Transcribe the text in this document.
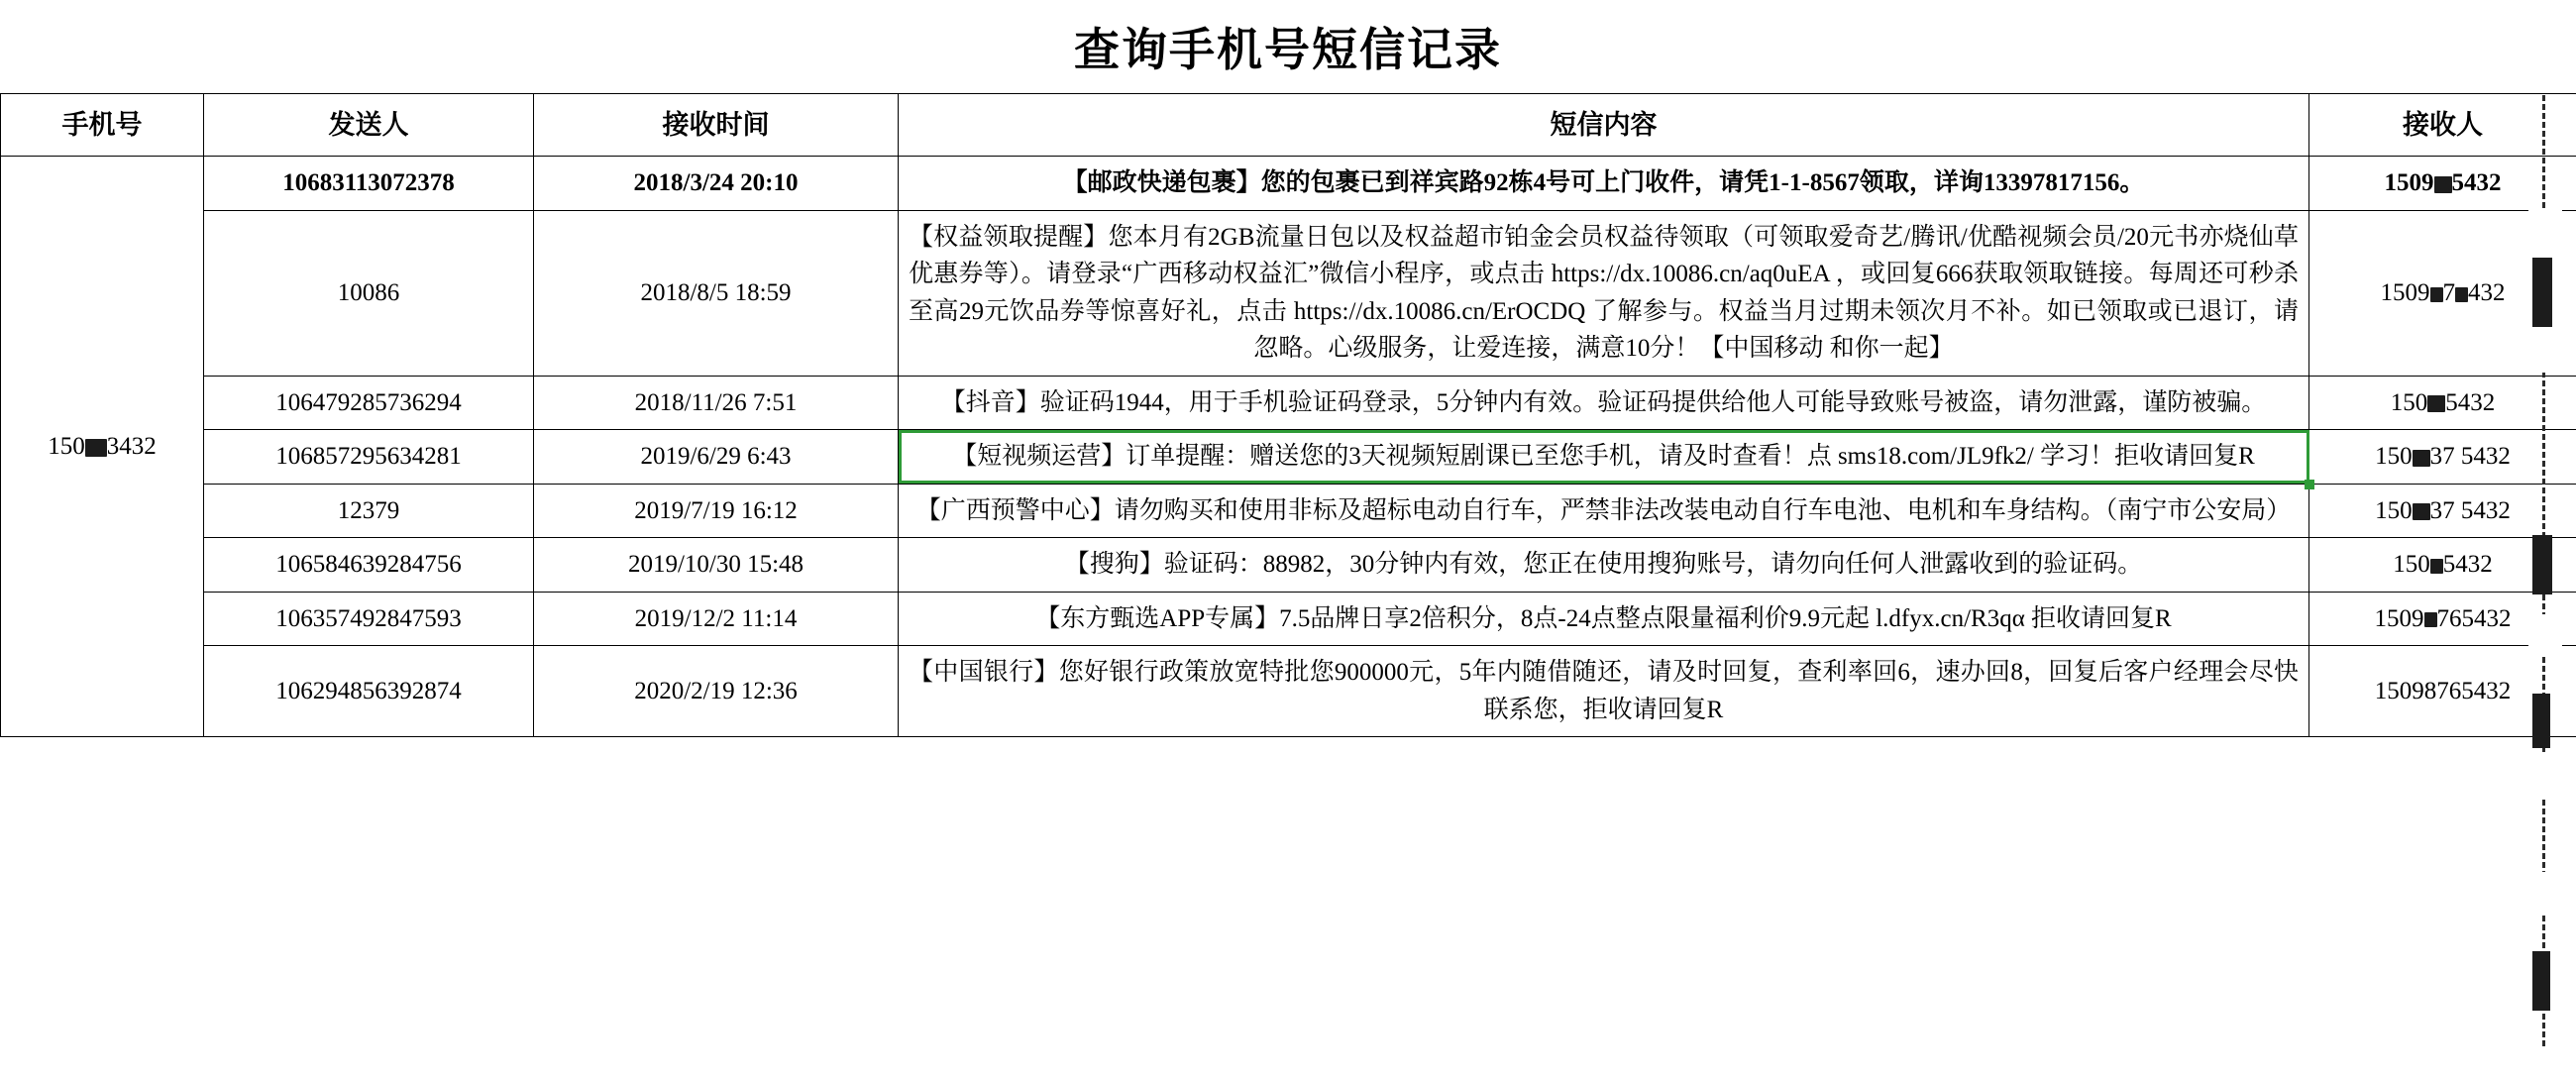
查询手机号短信记录
手机号	发送人	接收时间	短信内容	接收人
150 3432	10683113072378	2018/3/24 20:10	【邮政快递包裹】您的包裹已到祥宾路92栋4号可上门收件，请凭1-1-8567领取，详询13397817156。	1509 5432
	10086	2018/8/5 18:59	【权益领取提醒】您本月有2GB流量日包以及权益超市铂金会员权益待领取（可领取爱奇艺/腾讯/优酷视频会员/20元书亦烧仙草优惠券等）。请登录“广西移动权益汇”微信小程序，或点击 https://dx.10086.cn/aq0uEA ，或回复666获取领取链接。每周还可秒杀至高29元饮品券等惊喜好礼，点击 https://dx.10086.cn/ErOCDQ 了解参与。权益当月过期未领次月不补。如已领取或已退订，请忽略。心级服务，让爱连接，满意10分！【中国移动 和你一起】	1509 7 432
	106479285736294	2018/11/26 7:51	【抖音】验证码1944，用于手机验证码登录，5分钟内有效。验证码提供给他人可能导致账号被盗，请勿泄露，谨防被骗。	150 5432
	106857295634281	2019/6/29 6:43	【短视频运营】订单提醒：赠送您的3天视频短剧课已至您手机，请及时查看！点 sms18.com/JL9fk2/ 学习！拒收请回复R	150 37 5432
	12379	2019/7/19 16:12	【广西预警中心】请勿购买和使用非标及超标电动自行车，严禁非法改装电动自行车电池、电机和车身结构。（南宁市公安局）	150 37 5432
	106584639284756	2019/10/30 15:48	【搜狗】验证码：88982，30分钟内有效，您正在使用搜狗账号，请勿向任何人泄露收到的验证码。	150 5432
	106357492847593	2019/12/2 11:14	【东方甄选APP专属】7.5品牌日享2倍积分，8点-24点整点限量福利价9.9元起 l.dfyx.cn/R3qα 拒收请回复R	1509 765432
	106294856392874	2020/2/19 12:36	【中国银行】您好银行政策放宽特批您900000元，5年内随借随还，请及时回复，查利率回6，速办回8，回复后客户经理会尽快联系您，拒收请回复R	15098765432
